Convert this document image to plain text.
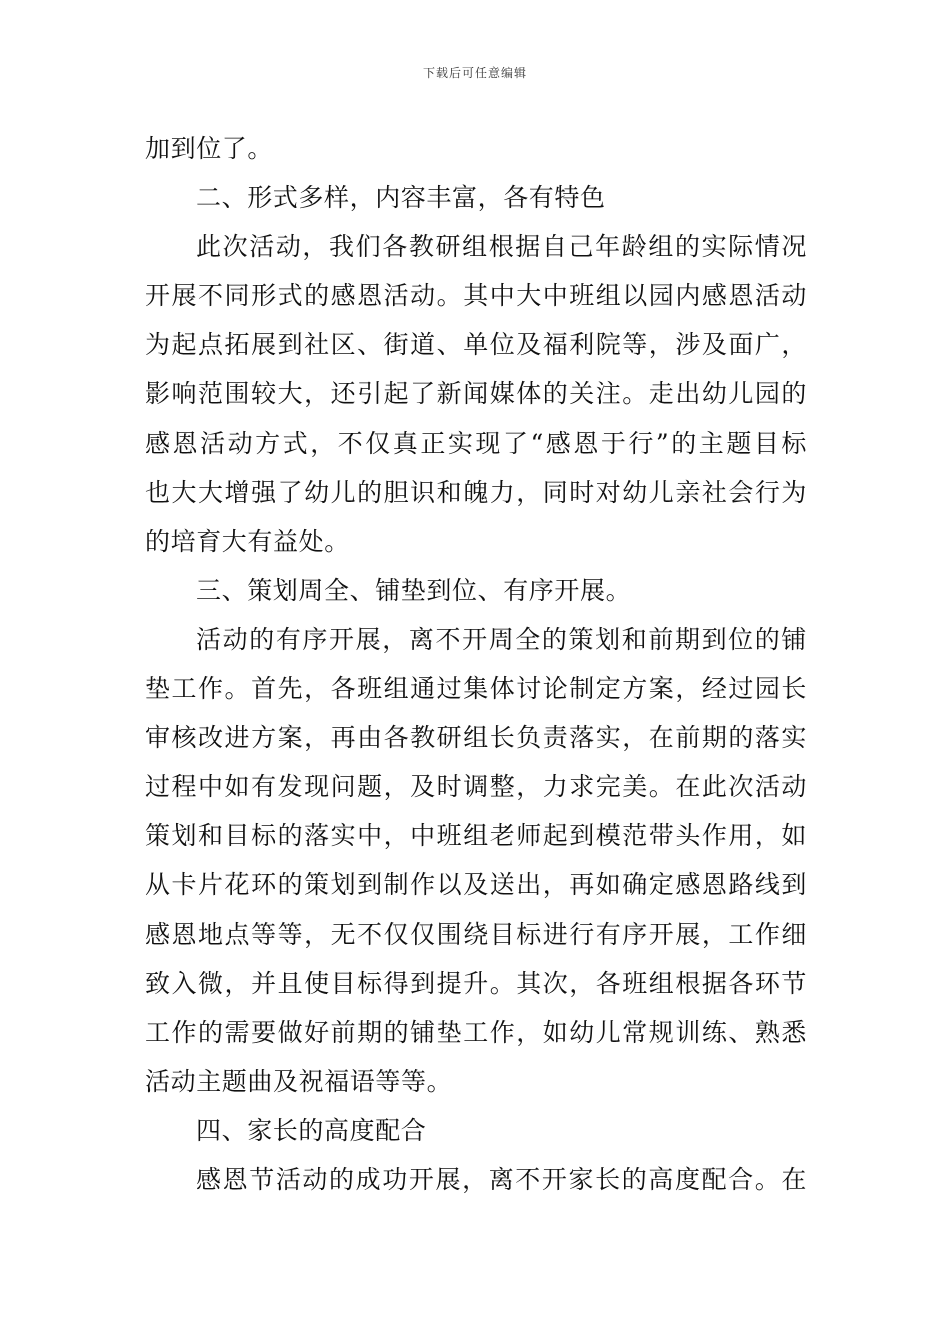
下载后可任意编辑
加到位了。
二、形式多样，内容丰富，各有特色
此次活动，我们各教研组根据自己年龄组的实际情况
开展不同形式的感恩活动。其中大中班组以园内感恩活动
为起点拓展到社区、街道、单位及福利院等，涉及面广，
影响范围较大，还引起了新闻媒体的关注。走出幼儿园的
感恩活动方式，不仅真正实现了“感恩于行”的主题目标
也大大增强了幼儿的胆识和魄力，同时对幼儿亲社会行为
的培育大有益处。
三、策划周全、铺垫到位、有序开展。
活动的有序开展，离不开周全的策划和前期到位的铺
垫工作。首先，各班组通过集体讨论制定方案，经过园长
审核改进方案，再由各教研组长负责落实，在前期的落实
过程中如有发现问题，及时调整，力求完美。在此次活动
策划和目标的落实中，中班组老师起到模范带头作用，如
从卡片花环的策划到制作以及送出，再如确定感恩路线到
感恩地点等等，无不仅仅围绕目标进行有序开展，工作细
致入微，并且使目标得到提升。其次，各班组根据各环节
工作的需要做好前期的铺垫工作，如幼儿常规训练、熟悉
活动主题曲及祝福语等等。
四、家长的高度配合
感恩节活动的成功开展，离不开家长的高度配合。在
